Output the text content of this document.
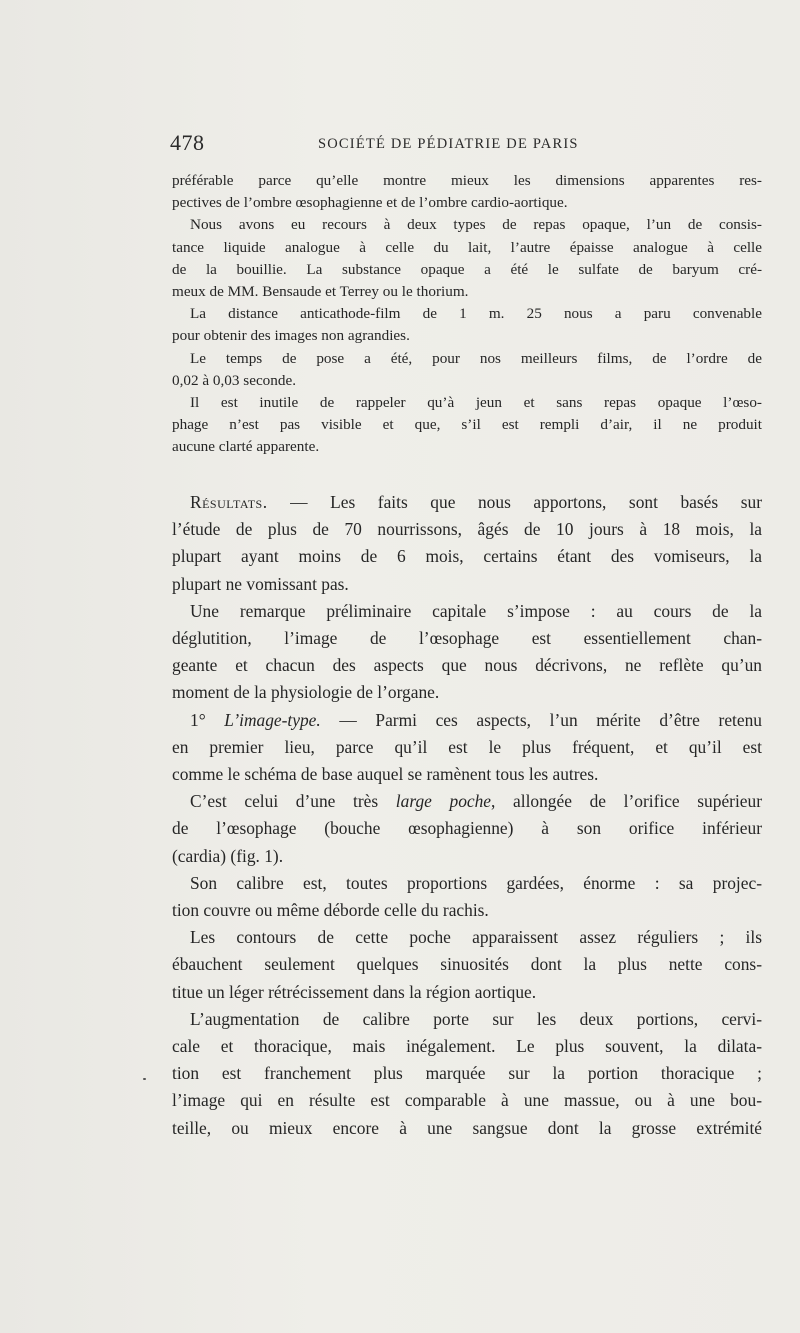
478	SOCIÉTÉ DE PÉDIATRIE DE PARIS
préférable parce qu’elle montre mieux les dimensions apparentes res-
pectives de l’ombre œsophagienne et de l’ombre cardio-aortique.
Nous avons eu recours à deux types de repas opaque, l’un de consis-
tance liquide analogue à celle du lait, l’autre épaisse analogue à celle
de la bouillie. La substance opaque a été le sulfate de baryum cré-
meux de MM. Bensaude et Terrey ou le thorium.
La distance anticathode-film de 1 m. 25 nous a paru convenable
pour obtenir des images non agrandies.
Le temps de pose a été, pour nos meilleurs films, de l’ordre de
0,02 à 0,03 seconde.
Il est inutile de rappeler qu’à jeun et sans repas opaque l’œso-
phage n’est pas visible et que, s’il est rempli d’air, il ne produit
aucune clarté apparente.
Résultats. — Les faits que nous apportons, sont basés sur
l’étude de plus de 70 nourrissons, âgés de 10 jours à 18 mois, la
plupart ayant moins de 6 mois, certains étant des vomiseurs, la
plupart ne vomissant pas.
Une remarque préliminaire capitale s’impose : au cours de la
déglutition, l’image de l’œsophage est essentiellement chan-
geante et chacun des aspects que nous décrivons, ne reflète qu’un
moment de la physiologie de l’organe.
1° L’image-type. — Parmi ces aspects, l’un mérite d’être retenu
en premier lieu, parce qu’il est le plus fréquent, et qu’il est
comme le schéma de base auquel se ramènent tous les autres.
C’est celui d’une très large poche, allongée de l’orifice supérieur
de l’œsophage (bouche œsophagienne) à son orifice inférieur
(cardia) (fig. 1).
Son calibre est, toutes proportions gardées, énorme : sa projec-
tion couvre ou même déborde celle du rachis.
Les contours de cette poche apparaissent assez réguliers ; ils
ébauchent seulement quelques sinuosités dont la plus nette cons-
titue un léger rétrécissement dans la région aortique.
L’augmentation de calibre porte sur les deux portions, cervi-
cale et thoracique, mais inégalement. Le plus souvent, la dilata-
tion est franchement plus marquée sur la portion thoracique ;
l’image qui en résulte est comparable à une massue, ou à une bou-
teille, ou mieux encore à une sangsue dont la grosse extrémité
